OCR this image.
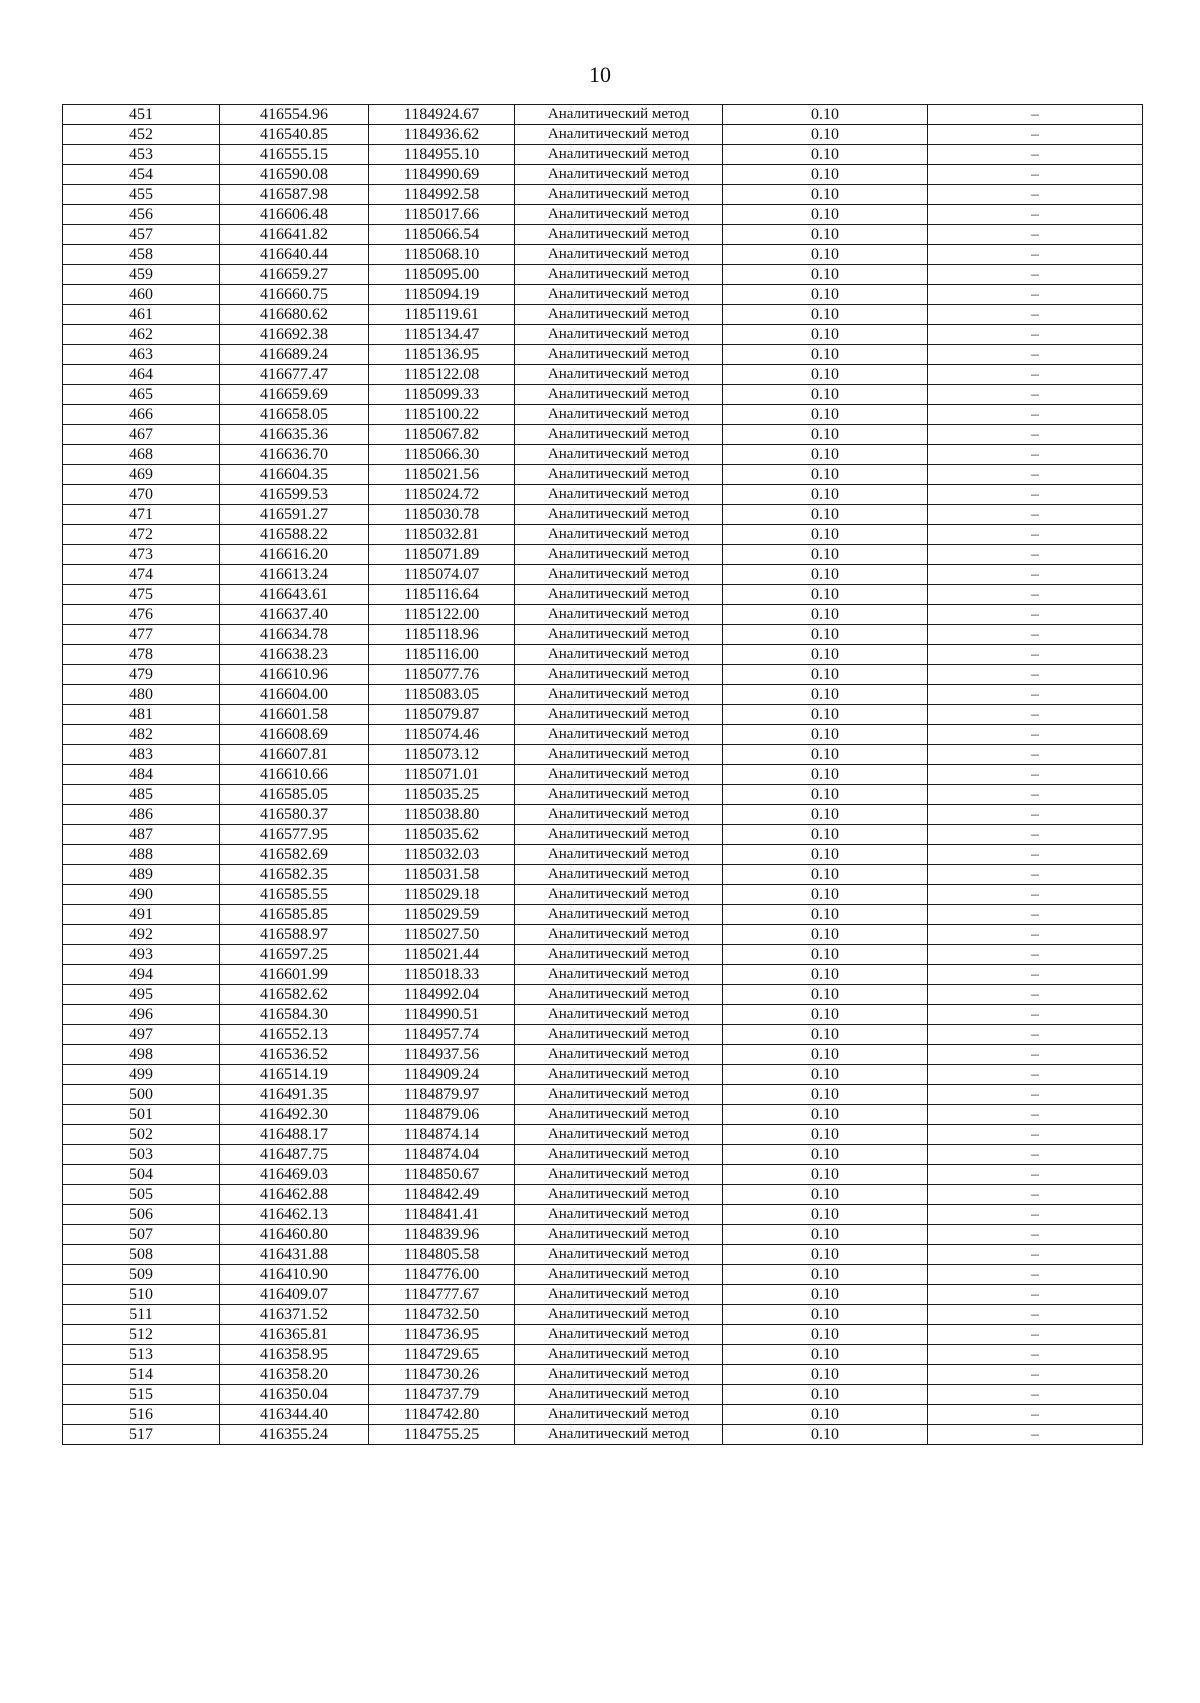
10
451	416554.96	1184924.67	Аналитический метод	0.10	–
452	416540.85	1184936.62	Аналитический метод	0.10	–
453	416555.15	1184955.10	Аналитический метод	0.10	–
454	416590.08	1184990.69	Аналитический метод	0.10	–
455	416587.98	1184992.58	Аналитический метод	0.10	–
456	416606.48	1185017.66	Аналитический метод	0.10	–
457	416641.82	1185066.54	Аналитический метод	0.10	–
458	416640.44	1185068.10	Аналитический метод	0.10	–
459	416659.27	1185095.00	Аналитический метод	0.10	–
460	416660.75	1185094.19	Аналитический метод	0.10	–
461	416680.62	1185119.61	Аналитический метод	0.10	–
462	416692.38	1185134.47	Аналитический метод	0.10	–
463	416689.24	1185136.95	Аналитический метод	0.10	–
464	416677.47	1185122.08	Аналитический метод	0.10	–
465	416659.69	1185099.33	Аналитический метод	0.10	–
466	416658.05	1185100.22	Аналитический метод	0.10	–
467	416635.36	1185067.82	Аналитический метод	0.10	–
468	416636.70	1185066.30	Аналитический метод	0.10	–
469	416604.35	1185021.56	Аналитический метод	0.10	–
470	416599.53	1185024.72	Аналитический метод	0.10	–
471	416591.27	1185030.78	Аналитический метод	0.10	–
472	416588.22	1185032.81	Аналитический метод	0.10	–
473	416616.20	1185071.89	Аналитический метод	0.10	–
474	416613.24	1185074.07	Аналитический метод	0.10	–
475	416643.61	1185116.64	Аналитический метод	0.10	–
476	416637.40	1185122.00	Аналитический метод	0.10	–
477	416634.78	1185118.96	Аналитический метод	0.10	–
478	416638.23	1185116.00	Аналитический метод	0.10	–
479	416610.96	1185077.76	Аналитический метод	0.10	–
480	416604.00	1185083.05	Аналитический метод	0.10	–
481	416601.58	1185079.87	Аналитический метод	0.10	–
482	416608.69	1185074.46	Аналитический метод	0.10	–
483	416607.81	1185073.12	Аналитический метод	0.10	–
484	416610.66	1185071.01	Аналитический метод	0.10	–
485	416585.05	1185035.25	Аналитический метод	0.10	–
486	416580.37	1185038.80	Аналитический метод	0.10	–
487	416577.95	1185035.62	Аналитический метод	0.10	–
488	416582.69	1185032.03	Аналитический метод	0.10	–
489	416582.35	1185031.58	Аналитический метод	0.10	–
490	416585.55	1185029.18	Аналитический метод	0.10	–
491	416585.85	1185029.59	Аналитический метод	0.10	–
492	416588.97	1185027.50	Аналитический метод	0.10	–
493	416597.25	1185021.44	Аналитический метод	0.10	–
494	416601.99	1185018.33	Аналитический метод	0.10	–
495	416582.62	1184992.04	Аналитический метод	0.10	–
496	416584.30	1184990.51	Аналитический метод	0.10	–
497	416552.13	1184957.74	Аналитический метод	0.10	–
498	416536.52	1184937.56	Аналитический метод	0.10	–
499	416514.19	1184909.24	Аналитический метод	0.10	–
500	416491.35	1184879.97	Аналитический метод	0.10	–
501	416492.30	1184879.06	Аналитический метод	0.10	–
502	416488.17	1184874.14	Аналитический метод	0.10	–
503	416487.75	1184874.04	Аналитический метод	0.10	–
504	416469.03	1184850.67	Аналитический метод	0.10	–
505	416462.88	1184842.49	Аналитический метод	0.10	–
506	416462.13	1184841.41	Аналитический метод	0.10	–
507	416460.80	1184839.96	Аналитический метод	0.10	–
508	416431.88	1184805.58	Аналитический метод	0.10	–
509	416410.90	1184776.00	Аналитический метод	0.10	–
510	416409.07	1184777.67	Аналитический метод	0.10	–
511	416371.52	1184732.50	Аналитический метод	0.10	–
512	416365.81	1184736.95	Аналитический метод	0.10	–
513	416358.95	1184729.65	Аналитический метод	0.10	–
514	416358.20	1184730.26	Аналитический метод	0.10	–
515	416350.04	1184737.79	Аналитический метод	0.10	–
516	416344.40	1184742.80	Аналитический метод	0.10	–
517	416355.24	1184755.25	Аналитический метод	0.10	–
